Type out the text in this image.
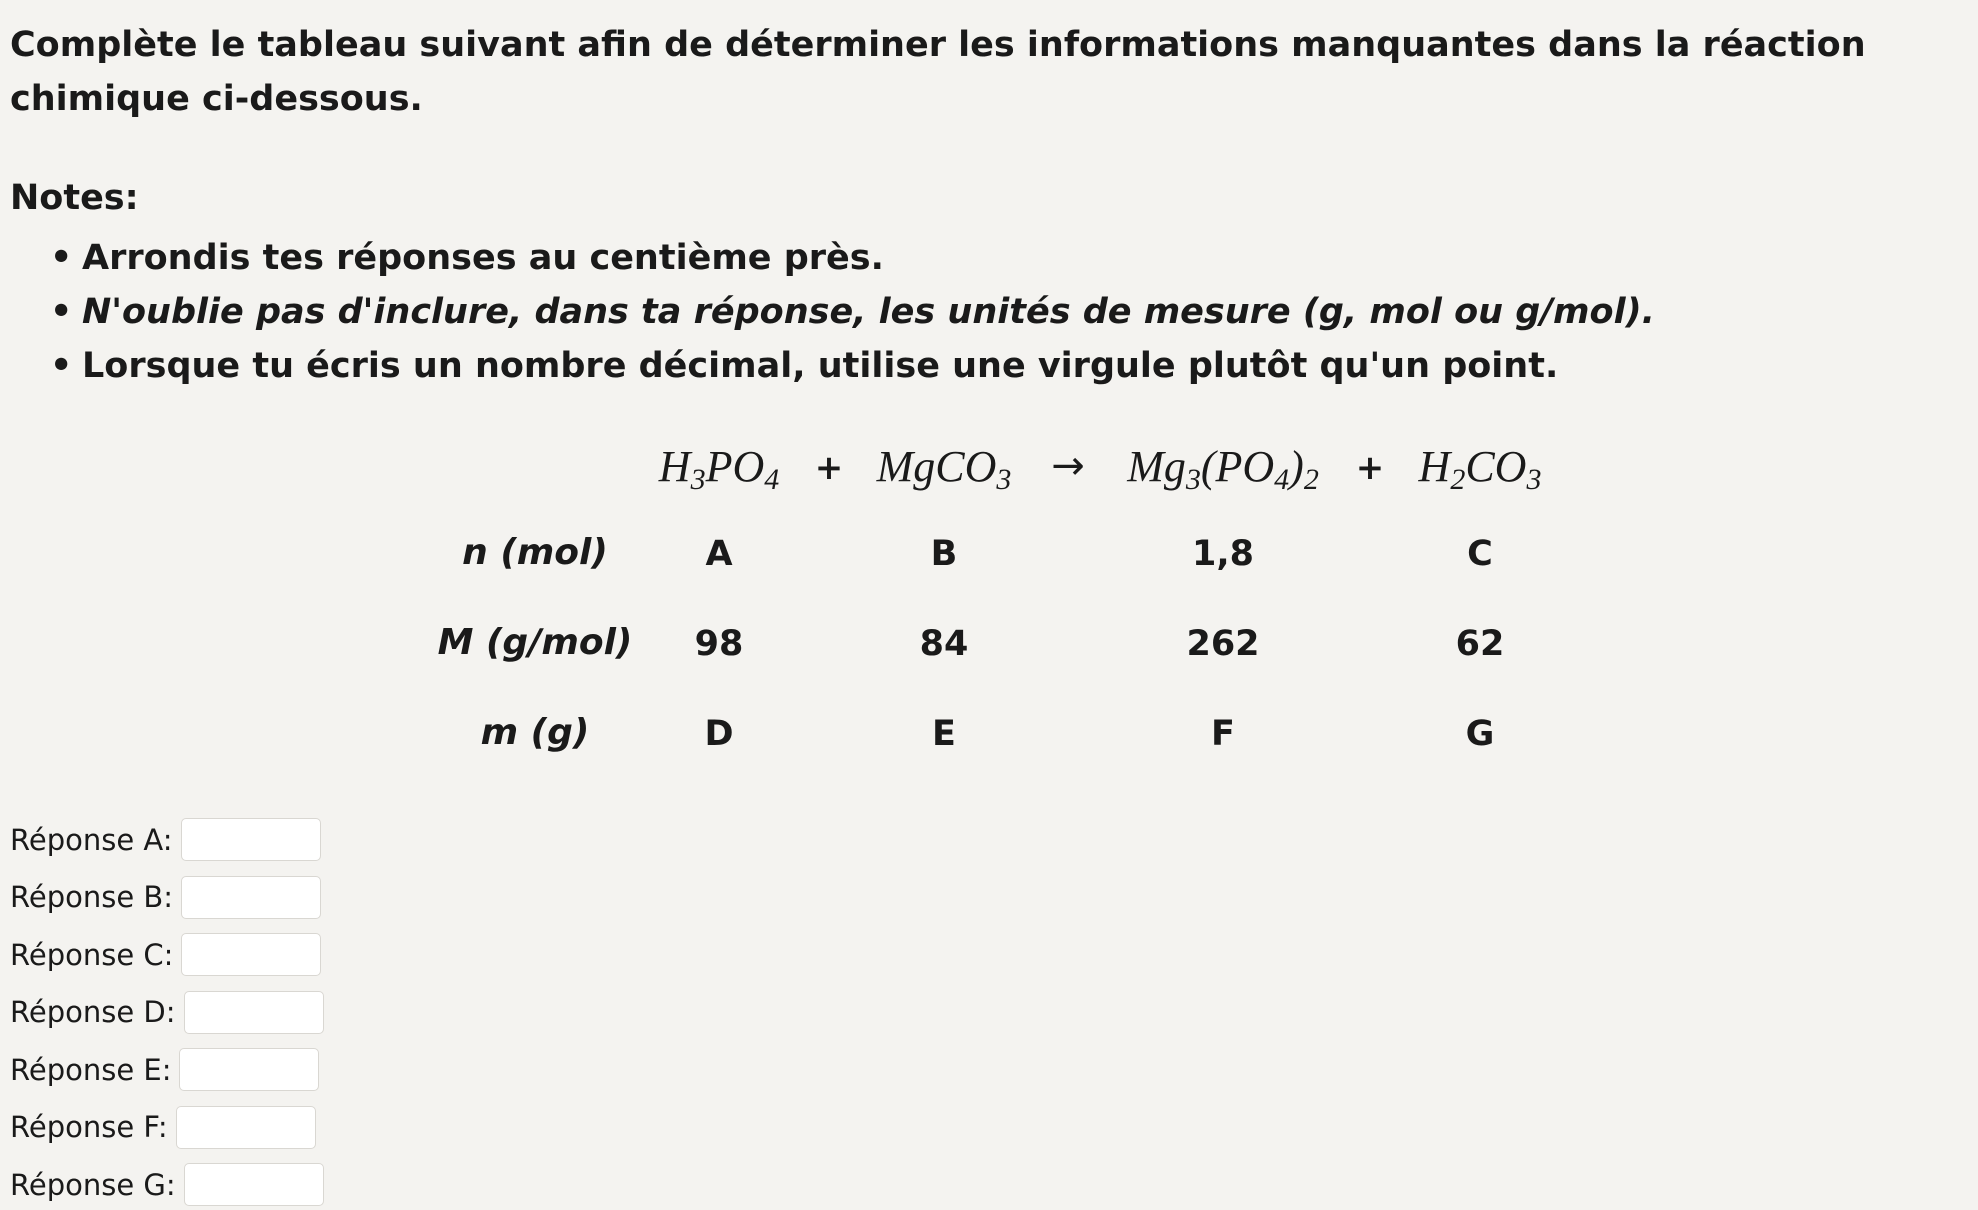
Complète le tableau suivant afin de déterminer les informations manquantes dans la réaction chimique ci-dessous.

Notes:

• Arrondis tes réponses au centième près.
• N'oublie pas d'inclure, dans ta réponse, les unités de mesure (g, mol ou g/mol).
• Lorsque tu écris un nombre décimal, utilise une virgule plutôt qu'un point.
$H_3PO_4$ + MgCO$_3$ → $Mg_3(PO_4)_2 + H_2CO_3$
n (mol)	A	B	1,8	C
M (g/mol) 98	84	262	62
m (g)	D	E	F	G
Réponse A:
Réponse B:
Réponse C:
Réponse D:
Réponse E:
Réponse F:
Réponse G:
